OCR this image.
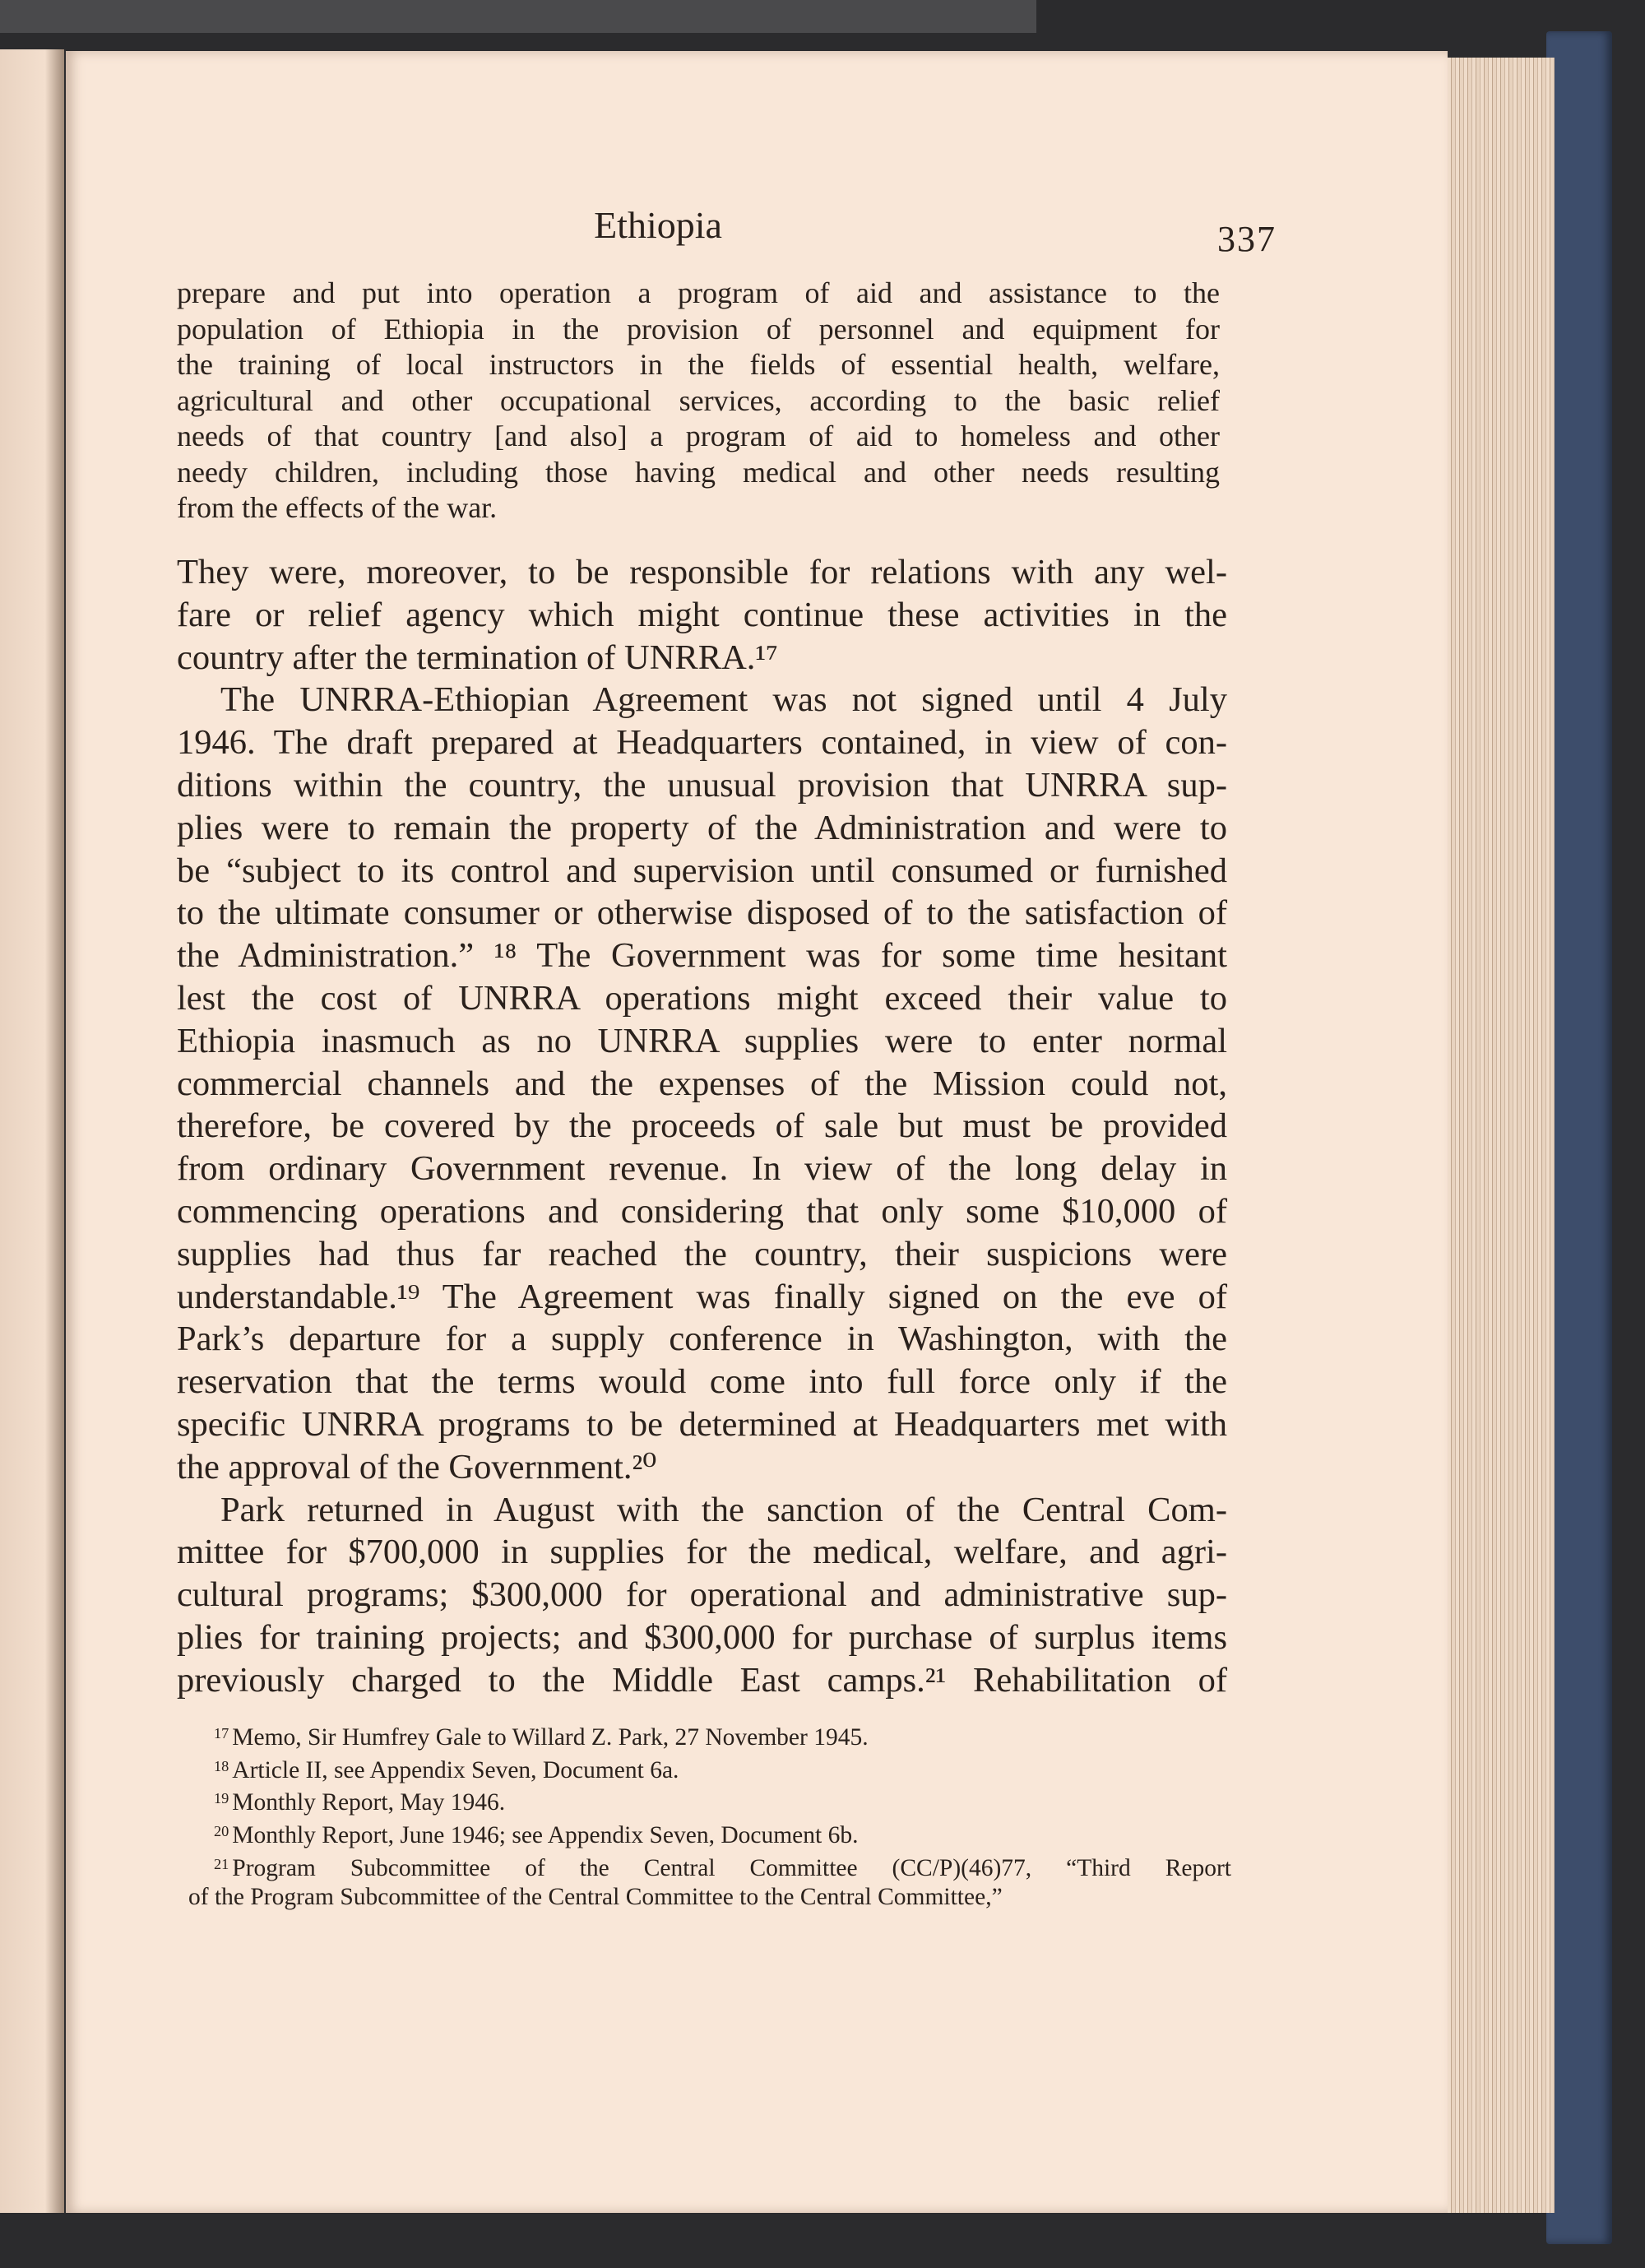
Ethiopia	337
prepare and put into operation a program of aid and assistance to the
population of Ethiopia in the provision of personnel and equipment for
the training of local instructors in the fields of essential health, welfare,
agricultural and other occupational services, according to the basic relief
needs of that country [and also] a program of aid to homeless and other
needy children, including those having medical and other needs resulting
from the effects of the war.
They were, moreover, to be responsible for relations with any wel-
fare or relief agency which might continue these activities in the
country after the termination of UNRRA.¹⁷
The UNRRA-Ethiopian Agreement was not signed until 4 July
1946. The draft prepared at Headquarters contained, in view of con-
ditions within the country, the unusual provision that UNRRA sup-
plies were to remain the property of the Administration and were to
be “subject to its control and supervision until consumed or furnished
to the ultimate consumer or otherwise disposed of to the satisfaction of
the Administration.” ¹⁸ The Government was for some time hesitant
lest the cost of UNRRA operations might exceed their value to
Ethiopia inasmuch as no UNRRA supplies were to enter normal
commercial channels and the expenses of the Mission could not,
therefore, be covered by the proceeds of sale but must be provided
from ordinary Government revenue. In view of the long delay in
commencing operations and considering that only some $10,000 of
supplies had thus far reached the country, their suspicions were
understandable.¹⁹ The Agreement was finally signed on the eve of
Park’s departure for a supply conference in Washington, with the
reservation that the terms would come into full force only if the
specific UNRRA programs to be determined at Headquarters met with
the approval of the Government.²⁰
Park returned in August with the sanction of the Central Com-
mittee for $700,000 in supplies for the medical, welfare, and agri-
cultural programs; $300,000 for operational and administrative sup-
plies for training projects; and $300,000 for purchase of surplus items
previously charged to the Middle East camps.²¹ Rehabilitation of
$^{17}$ Memo, Sir Humfrey Gale to Willard Z. Park, 27 November 1945.
$^{18}$ Article II, see Appendix Seven, Document 6a.
$^{19}$ Monthly Report, May 1946.
$^{20}$ Monthly Report, June 1946; see Appendix Seven, Document 6b.
$^{21}$ Program Subcommittee of the Central Committee (CC/P)(46)77, “Third Report
of the Program Subcommittee of the Central Committee to the Central Committee,”
